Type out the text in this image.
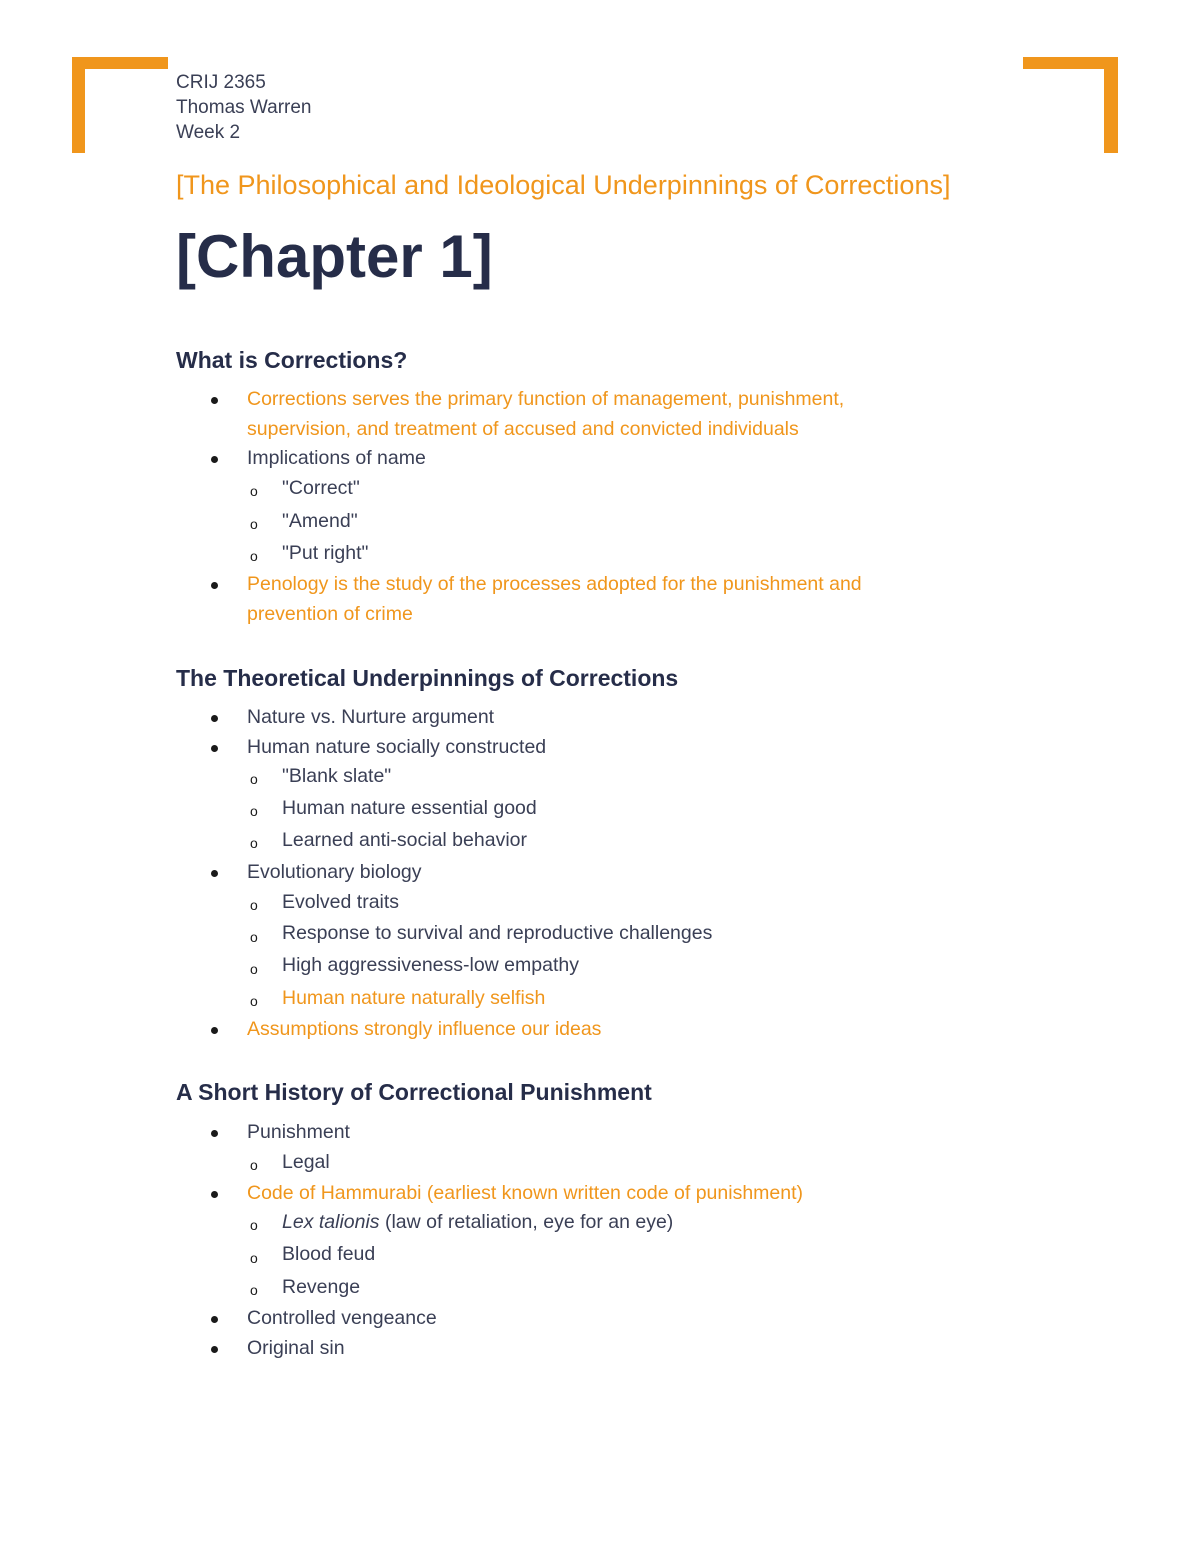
CRIJ 2365
Thomas Warren
Week 2
[The Philosophical and Ideological Underpinnings of Corrections]
[Chapter 1]
What is Corrections?
Corrections serves the primary function of management, punishment,
supervision, and treatment of accused and convicted individuals
Implications of name
o "Correct"
o "Amend"
o "Put right"
Penology is the study of the processes adopted for the punishment and
prevention of crime
The Theoretical Underpinnings of Corrections
Nature vs. Nurture argument
Human nature socially constructed
o "Blank slate"
o Human nature essential good
o Learned anti-social behavior
Evolutionary biology
o Evolved traits
o Response to survival and reproductive challenges
o High aggressiveness-low empathy
o Human nature naturally selfish
Assumptions strongly influence our ideas
A Short History of Correctional Punishment
Punishment
o Legal
Code of Hammurabi (earliest known written code of punishment)
o Lex talionis (law of retaliation, eye for an eye)
o Blood feud
o Revenge
Controlled vengeance
Original sin
